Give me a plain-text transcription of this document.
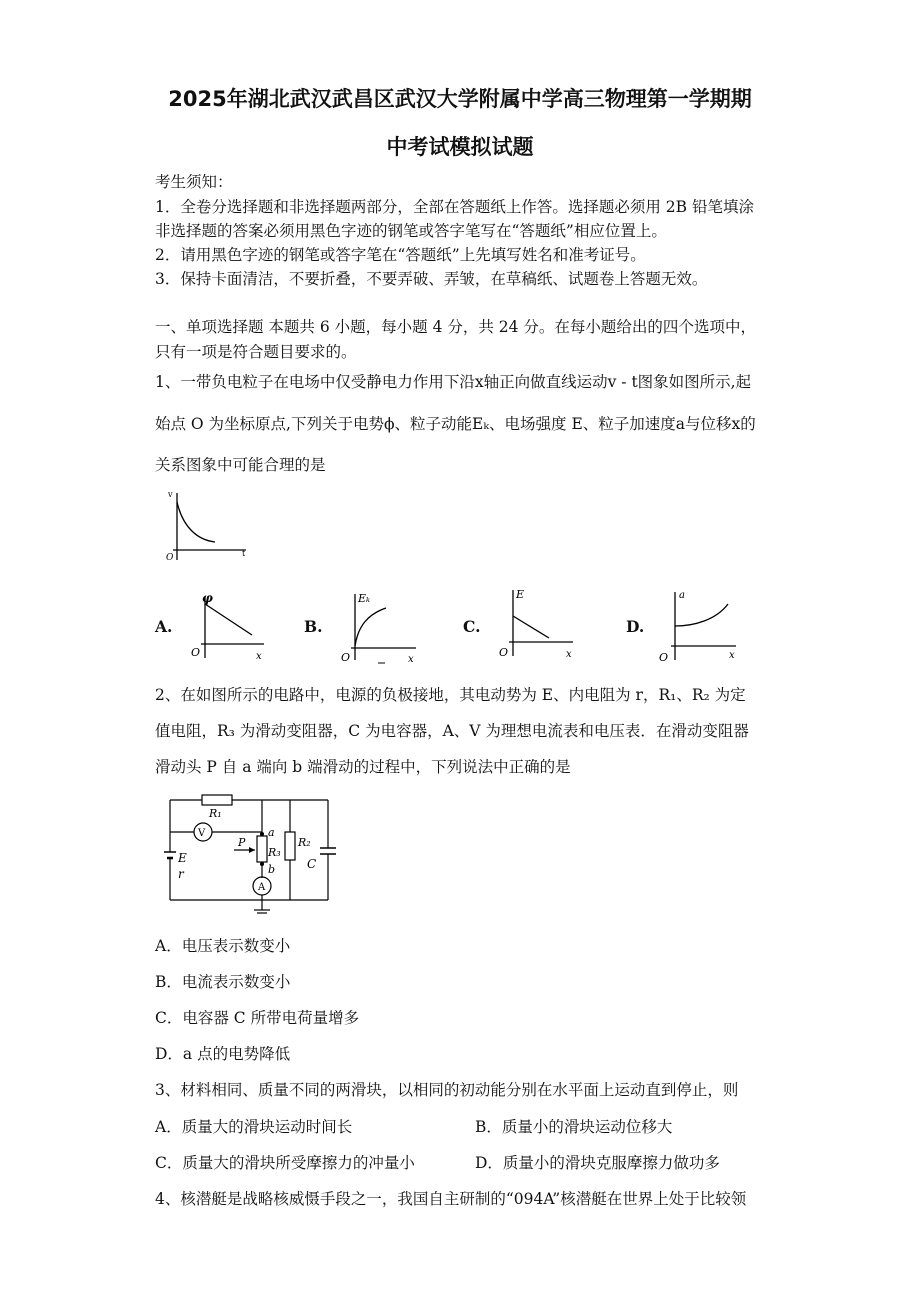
2025年湖北武汉武昌区武汉大学附属中学高三物理第一学期期
中考试模拟试题
考生须知：
1．全卷分选择题和非选择题两部分，全部在答题纸上作答。选择题必须用 2B 铅笔填涂
非选择题的答案必须用黑色字迹的钢笔或答字笔写在“答题纸”相应位置上。
2．请用黑色字迹的钢笔或答字笔在“答题纸”上先填写姓名和准考证号。
3．保持卡面清洁，不要折叠，不要弄破、弄皱，在草稿纸、试题卷上答题无效。
一、单项选择题 本题共 6 小题，每小题 4 分，共 24 分。在每小题给出的四个选项中，
只有一项是符合题目要求的。
1、一带负电粒子在电场中仅受静电力作用下沿x轴正向做直线运动v - t图象如图所示,起
始点 O 为坐标原点,下列关于电势ϕ、粒子动能Eₖ、电场强度 E、粒子加速度a与位移x的
关系图象中可能合理的是
v
t
O
A.
φ
x
O
B.
Eₖ
x
O
C.
E
x
O
D.
a
x
O
2、在如图所示的电路中，电源的负极接地，其电动势为 E、内电阻为 r，R₁、R₂ 为定
值电阻，R₃ 为滑动变阻器，C 为电容器，A、V 为理想电流表和电压表．在滑动变阻器
滑动头 P 自 a 端向 b 端滑动的过程中，下列说法中正确的是
R₁
V	a
P
R₃
b
A
R₂
C
E
r
A．电压表示数变小
B．电流表示数变小
C．电容器 C 所带电荷量增多
D．a 点的电势降低
3、材料相同、质量不同的两滑块，以相同的初动能分别在水平面上运动直到停止，则
A．质量大的滑块运动时间长	B．质量小的滑块运动位移大
C．质量大的滑块所受摩擦力的冲量小	D．质量小的滑块克服摩擦力做功多
4、核潜艇是战略核威慑手段之一，我国自主研制的“094A”核潜艇在世界上处于比较领
